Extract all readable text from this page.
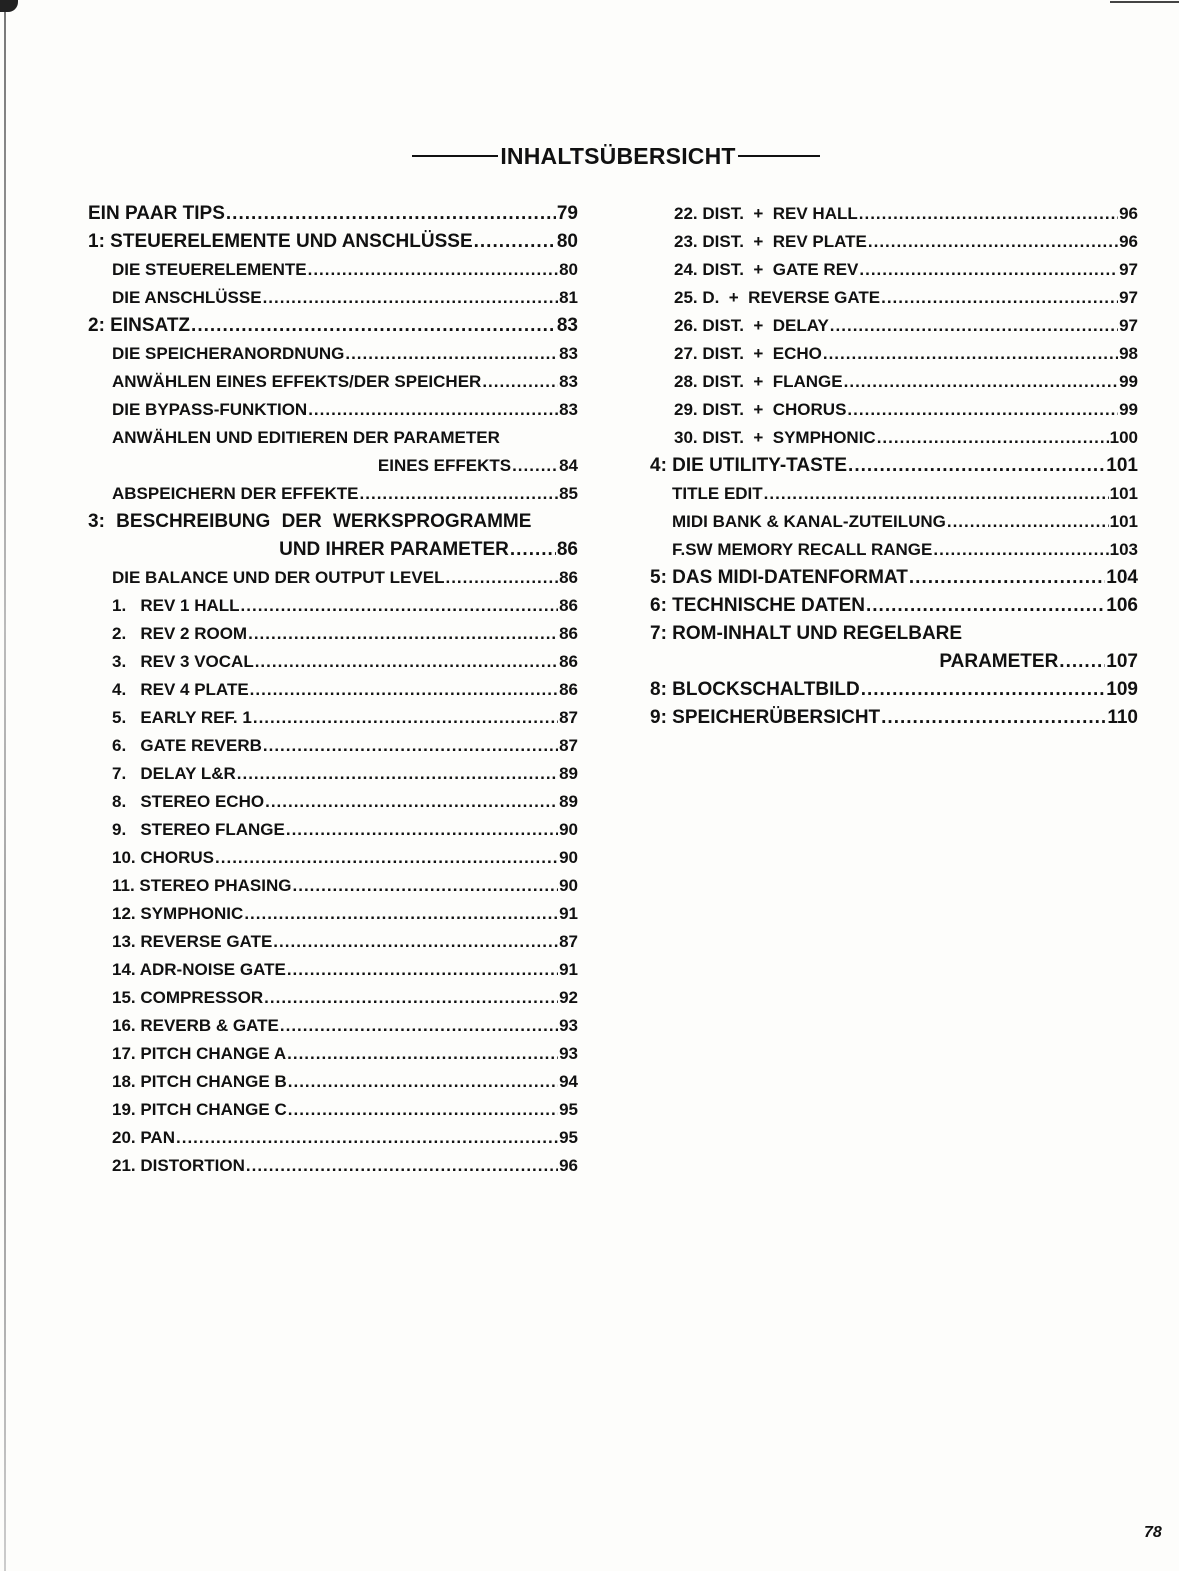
INHALTSÜBERSICHT
EIN PAAR TIPS .....	79
1: STEUERELEMENTE UND ANSCHLÜSSE .....	80
DIE STEUERELEMENTE .....	80
DIE ANSCHLÜSSE .....	81
2: EINSATZ .....	83
DIE SPEICHERANORDNUNG .....	83
ANWÄHLEN EINES EFFEKTS/DER SPEICHER .....	83
DIE BYPASS-FUNKTION .....	83
ANWÄHLEN UND EDITIEREN DER PARAMETER
EINES EFFEKTS .....	84
ABSPEICHERN DER EFFEKTE .....	85
3: BESCHREIBUNG DER WERKSPROGRAMME
UND IHRER PARAMETER .....	86
DIE BALANCE UND DER OUTPUT LEVEL .....	86
1.   REV 1 HALL .....	86
2.   REV 2 ROOM .....	86
3.   REV 3 VOCAL .....	86
4.   REV 4 PLATE .....	86
5.   EARLY REF. 1 .....	87
6.   GATE REVERB .....	87
7.   DELAY L&R .....	89
8.   STEREO ECHO .....	89
9.   STEREO FLANGE .....	90
10. CHORUS .....	90
11. STEREO PHASING .....	90
12. SYMPHONIC .....	91
13. REVERSE GATE .....	87
14. ADR-NOISE GATE .....	91
15. COMPRESSOR .....	92
16. REVERB & GATE .....	93
17. PITCH CHANGE A .....	93
18. PITCH CHANGE B .....	94
19. PITCH CHANGE C .....	95
20. PAN .....	95
21. DISTORTION .....	96
22. DIST.  +  REV HALL .....	96
23. DIST.  +  REV PLATE .....	96
24. DIST.  +  GATE REV .....	97
25. D.  +  REVERSE GATE .....	97
26. DIST.  +  DELAY .....	97
27. DIST.  +  ECHO .....	98
28. DIST.  +  FLANGE .....	99
29. DIST.  +  CHORUS .....	99
30. DIST.  +  SYMPHONIC .....	100
4: DIE UTILITY-TASTE .....	101
TITLE EDIT .....	101
MIDI BANK & KANAL-ZUTEILUNG .....	101
F.SW MEMORY RECALL RANGE .....	103
5: DAS MIDI-DATENFORMAT .....	104
6: TECHNISCHE DATEN .....	106
7: ROM-INHALT UND REGELBARE
PARAMETER .....	107
8: BLOCKSCHALTBILD .....	109
9: SPEICHERÜBERSICHT .....	110
78
